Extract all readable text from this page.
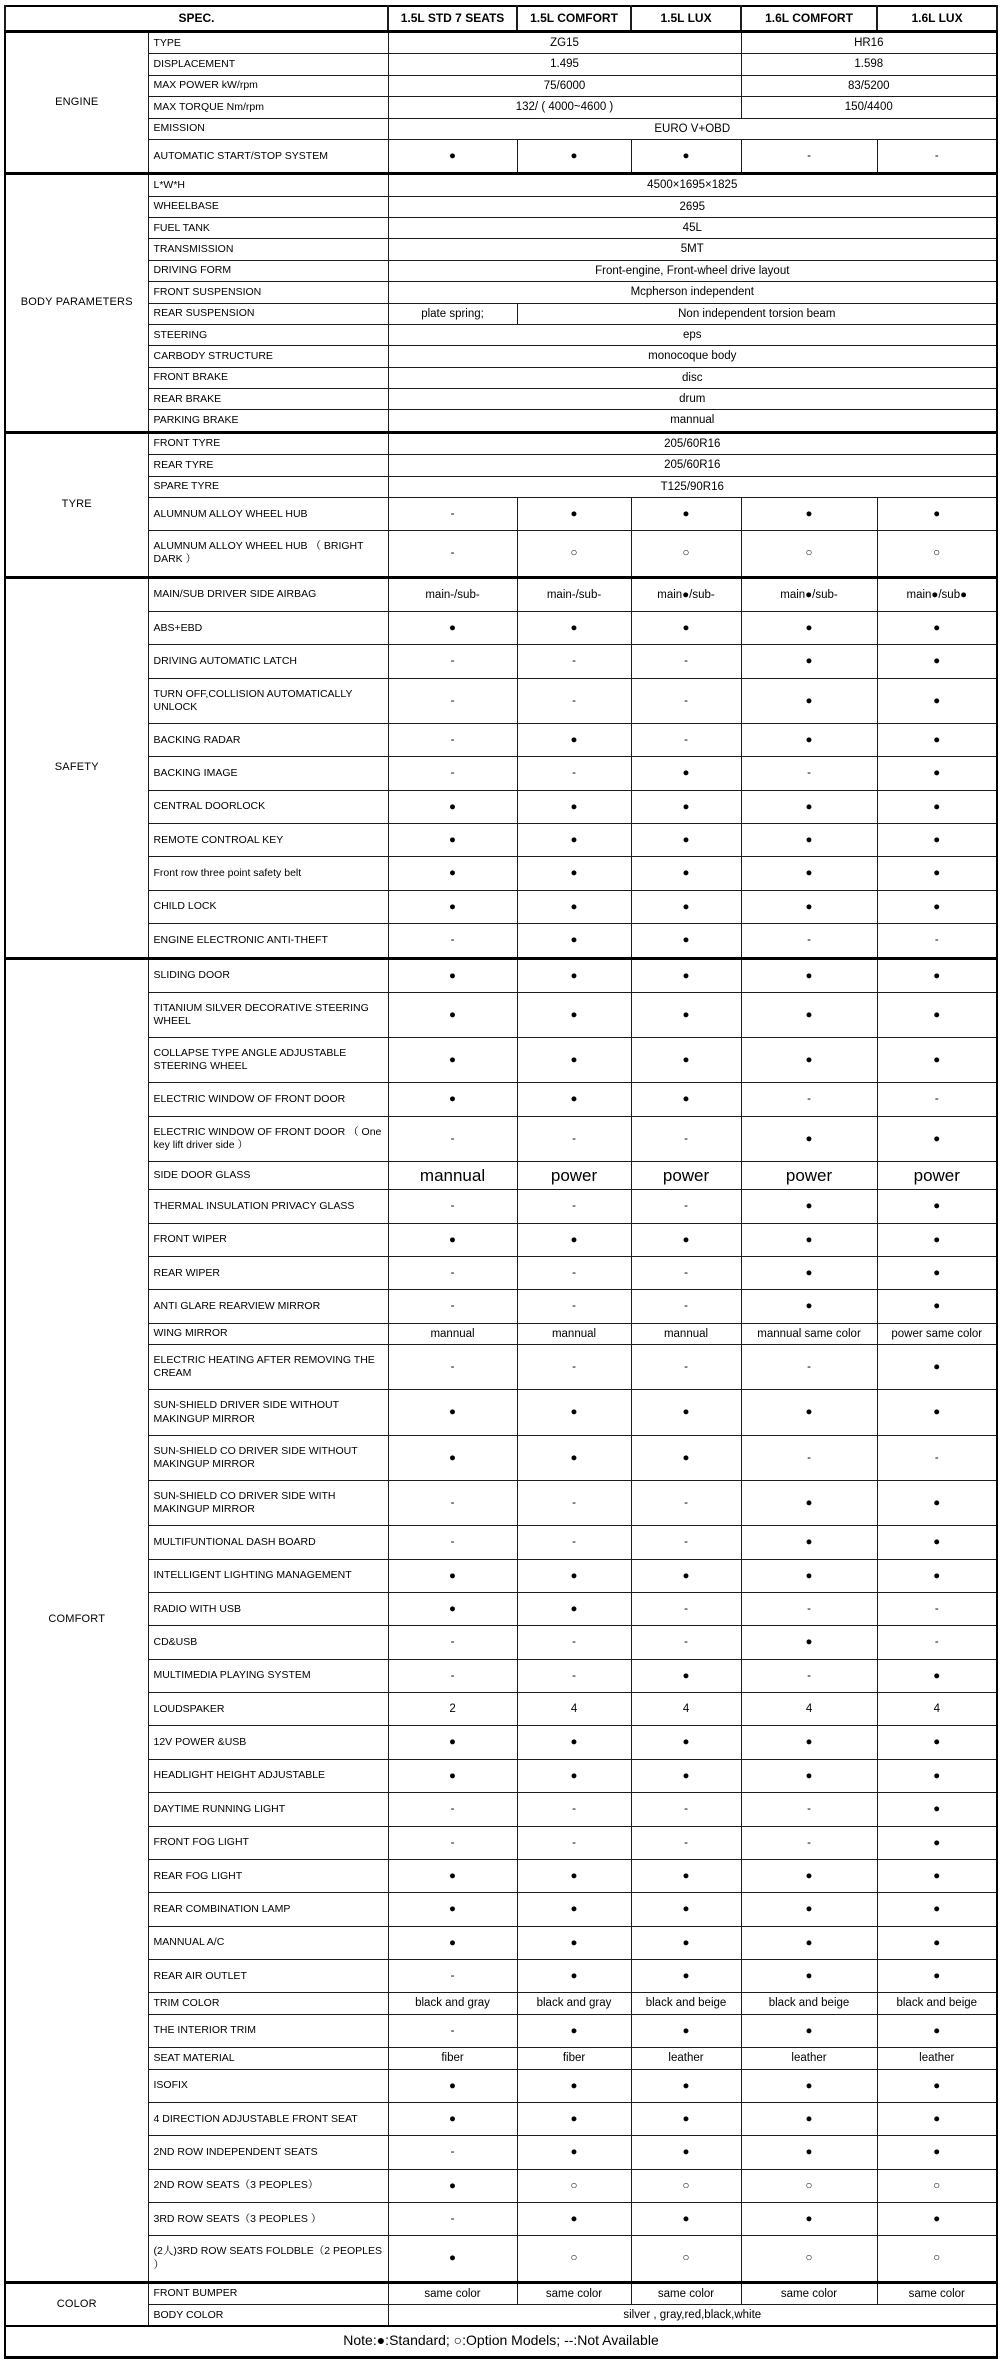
SPEC.		1.5L STD 7 SEATS	1.5L COMFORT	1.5L LUX	1.6L COMFORT	1.6L LUX
ENGINE	TYPE	ZG15			HR16	
	DISPLACEMENT	1.495			1.598	
	MAX POWER kW/rpm	75/6000			83/5200	
	MAX TORQUE Nm/rpm	132/ ( 4000~4600 )			150/4400	
	EMISSION	EURO V+OBD				
	AUTOMATIC START/STOP SYSTEM	●	●	●	-	-
BODY PARAMETERS	L*W*H	4500×1695×1825				
	WHEELBASE	2695				
	FUEL TANK	45L				
	TRANSMISSION	5MT				
	DRIVING FORM	Front-engine, Front-wheel drive layout				
	FRONT SUSPENSION	Mcpherson independent				
	REAR SUSPENSION	plate spring;	Non independent torsion beam			
	STEERING	eps				
	CARBODY STRUCTURE	monocoque body				
	FRONT BRAKE	disc				
	REAR BRAKE	drum				
	PARKING BRAKE	mannual				
TYRE	FRONT TYRE	205/60R16				
	REAR TYRE	205/60R16				
	SPARE TYRE	T125/90R16				
	ALUMNUM ALLOY WHEEL HUB	-	●	●	●	●
	ALUMNUM ALLOY WHEEL HUB （ BRIGHT DARK ）	-	○	○	○	○
SAFETY	MAIN/SUB DRIVER SIDE AIRBAG	main-/sub-	main-/sub-	main●/sub-	main●/sub-	main●/sub●
	ABS+EBD	●	●	●	●	●
	DRIVING AUTOMATIC LATCH	-	-	-	●	●
	TURN OFF,COLLISION AUTOMATICALLY UNLOCK	-	-	-	●	●
	BACKING RADAR	-	●	-	●	●
	BACKING IMAGE	-	-	●	-	●
	CENTRAL DOORLOCK	●	●	●	●	●
	REMOTE CONTROAL KEY	●	●	●	●	●
	Front row three point safety belt	●	●	●	●	●
	CHILD LOCK	●	●	●	●	●
	ENGINE ELECTRONIC ANTI-THEFT	-	●	●	-	-
COMFORT	SLIDING DOOR	●	●	●	●	●
	TITANIUM SILVER DECORATIVE STEERING WHEEL	●	●	●	●	●
	COLLAPSE TYPE ANGLE ADJUSTABLE STEERING WHEEL	●	●	●	●	●
	ELECTRIC WINDOW OF FRONT DOOR	●	●	●	-	-
	ELECTRIC WINDOW OF FRONT DOOR （ One key lift driver side ）	-	-	-	●	●
	SIDE DOOR GLASS	mannual	power	power	power	power
	THERMAL INSULATION PRIVACY GLASS	-	-	-	●	●
	FRONT WIPER	●	●	●	●	●
	REAR WIPER	-	-	-	●	●
	ANTI GLARE REARVIEW MIRROR	-	-	-	●	●
	WING MIRROR	mannual	mannual	mannual	mannual same color	power same color
	ELECTRIC HEATING AFTER REMOVING THE CREAM	-	-	-	-	●
	SUN-SHIELD DRIVER SIDE WITHOUT MAKINGUP MIRROR	●	●	●	●	●
	SUN-SHIELD CO DRIVER SIDE WITHOUT MAKINGUP MIRROR	●	●	●	-	-
	SUN-SHIELD CO DRIVER SIDE WITH MAKINGUP MIRROR	-	-	-	●	●
	MULTIFUNTIONAL DASH BOARD	-	-	-	●	●
	INTELLIGENT LIGHTING MANAGEMENT	●	●	●	●	●
	RADIO WITH USB	●	●	-	-	-
	CD&USB	-	-	-	●	-
	MULTIMEDIA PLAYING SYSTEM	-	-	●	-	●
	LOUDSPAKER	2	4	4	4	4
	12V POWER &USB	●	●	●	●	●
	HEADLIGHT HEIGHT ADJUSTABLE	●	●	●	●	●
	DAYTIME RUNNING LIGHT	-	-	-	-	●
	FRONT FOG LIGHT	-	-	-	-	●
	REAR FOG LIGHT	●	●	●	●	●
	REAR COMBINATION LAMP	●	●	●	●	●
	MANNUAL A/C	●	●	●	●	●
	REAR AIR OUTLET	-	●	●	●	●
	TRIM COLOR	black and gray	black and gray	black and beige	black and beige	black and beige
	THE INTERIOR TRIM	-	●	●	●	●
	SEAT MATERIAL	fiber	fiber	leather	leather	leather
	ISOFIX	●	●	●	●	●
	4 DIRECTION ADJUSTABLE FRONT SEAT	●	●	●	●	●
	2ND ROW INDEPENDENT SEATS	-	●	●	●	●
	2ND ROW SEATS（3 PEOPLES）	●	○	○	○	○
	3RD ROW SEATS（3 PEOPLES ）	-	●	●	●	●
	(2人)3RD ROW SEATS FOLDBLE（2 PEOPLES ）	●	○	○	○	○
COLOR	FRONT BUMPER	same color	same color	same color	same color	same color
	BODY COLOR	silver , gray,red,black,white				
Note:●:Standard; ○:Option Models; --:Not Available						
